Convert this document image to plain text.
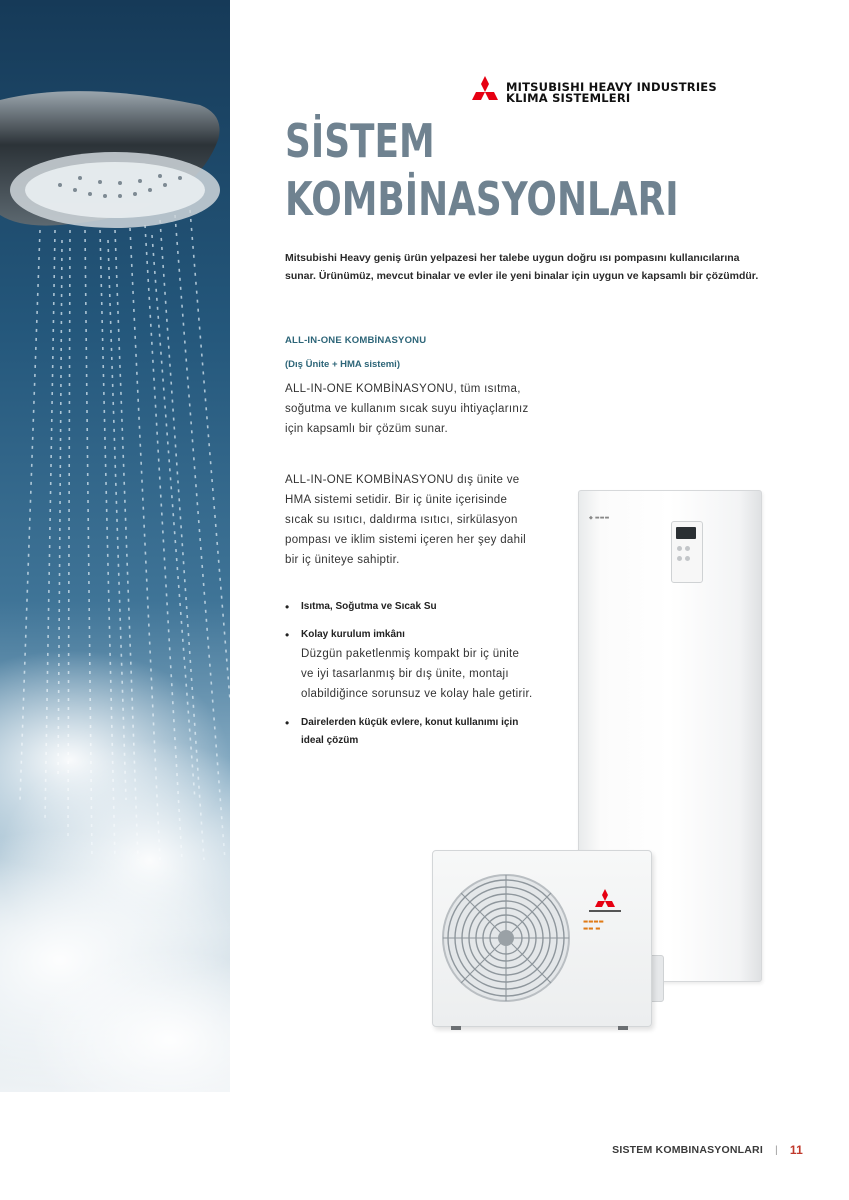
MITSUBISHI HEAVY INDUSTRIES
KLIMA SISTEMLERI
SİSTEM
KOMBİNASYONLARI

Mitsubishi Heavy geniş ürün yelpazesi her talebe uygun doğru ısı pompasını kullanıcılarına sunar. Ürünümüz, mevcut binalar ve evler ile yeni binalar için uygun ve kapsamlı bir çözümdür.

ALL-IN-ONE KOMBİNASYONU
(Dış Ünite + HMA sistemi)

ALL-IN-ONE KOMBİNASYONU, tüm ısıtma, soğutma ve kullanım sıcak suyu ihtiyaçlarınız için kapsamlı bir çözüm sunar.

ALL-IN-ONE KOMBİNASYONU dış ünite ve HMA sistemi setidir. Bir iç ünite içerisinde sıcak su ısıtıcı, daldırma ısıtıcı, sirkülasyon pompası ve iklim sistemi içeren her şey dahil bir iç üniteye sahiptir.

• Isıtma, Soğutma ve Sıcak Su
• Kolay kurulum imkânı
Düzgün paketlenmiş kompakt bir iç ünite ve iyi tasarlanmış bir dış ünite, montajı olabildiğince sorunsuz ve kolay hale getirir.
• Dairelerden küçük evlere, konut kullanımı için ideal çözüm
◆ ▬▬▬
▬▬▬▬
▬▬ ▬
SISTEM KOMBINASYONLARI | 11
